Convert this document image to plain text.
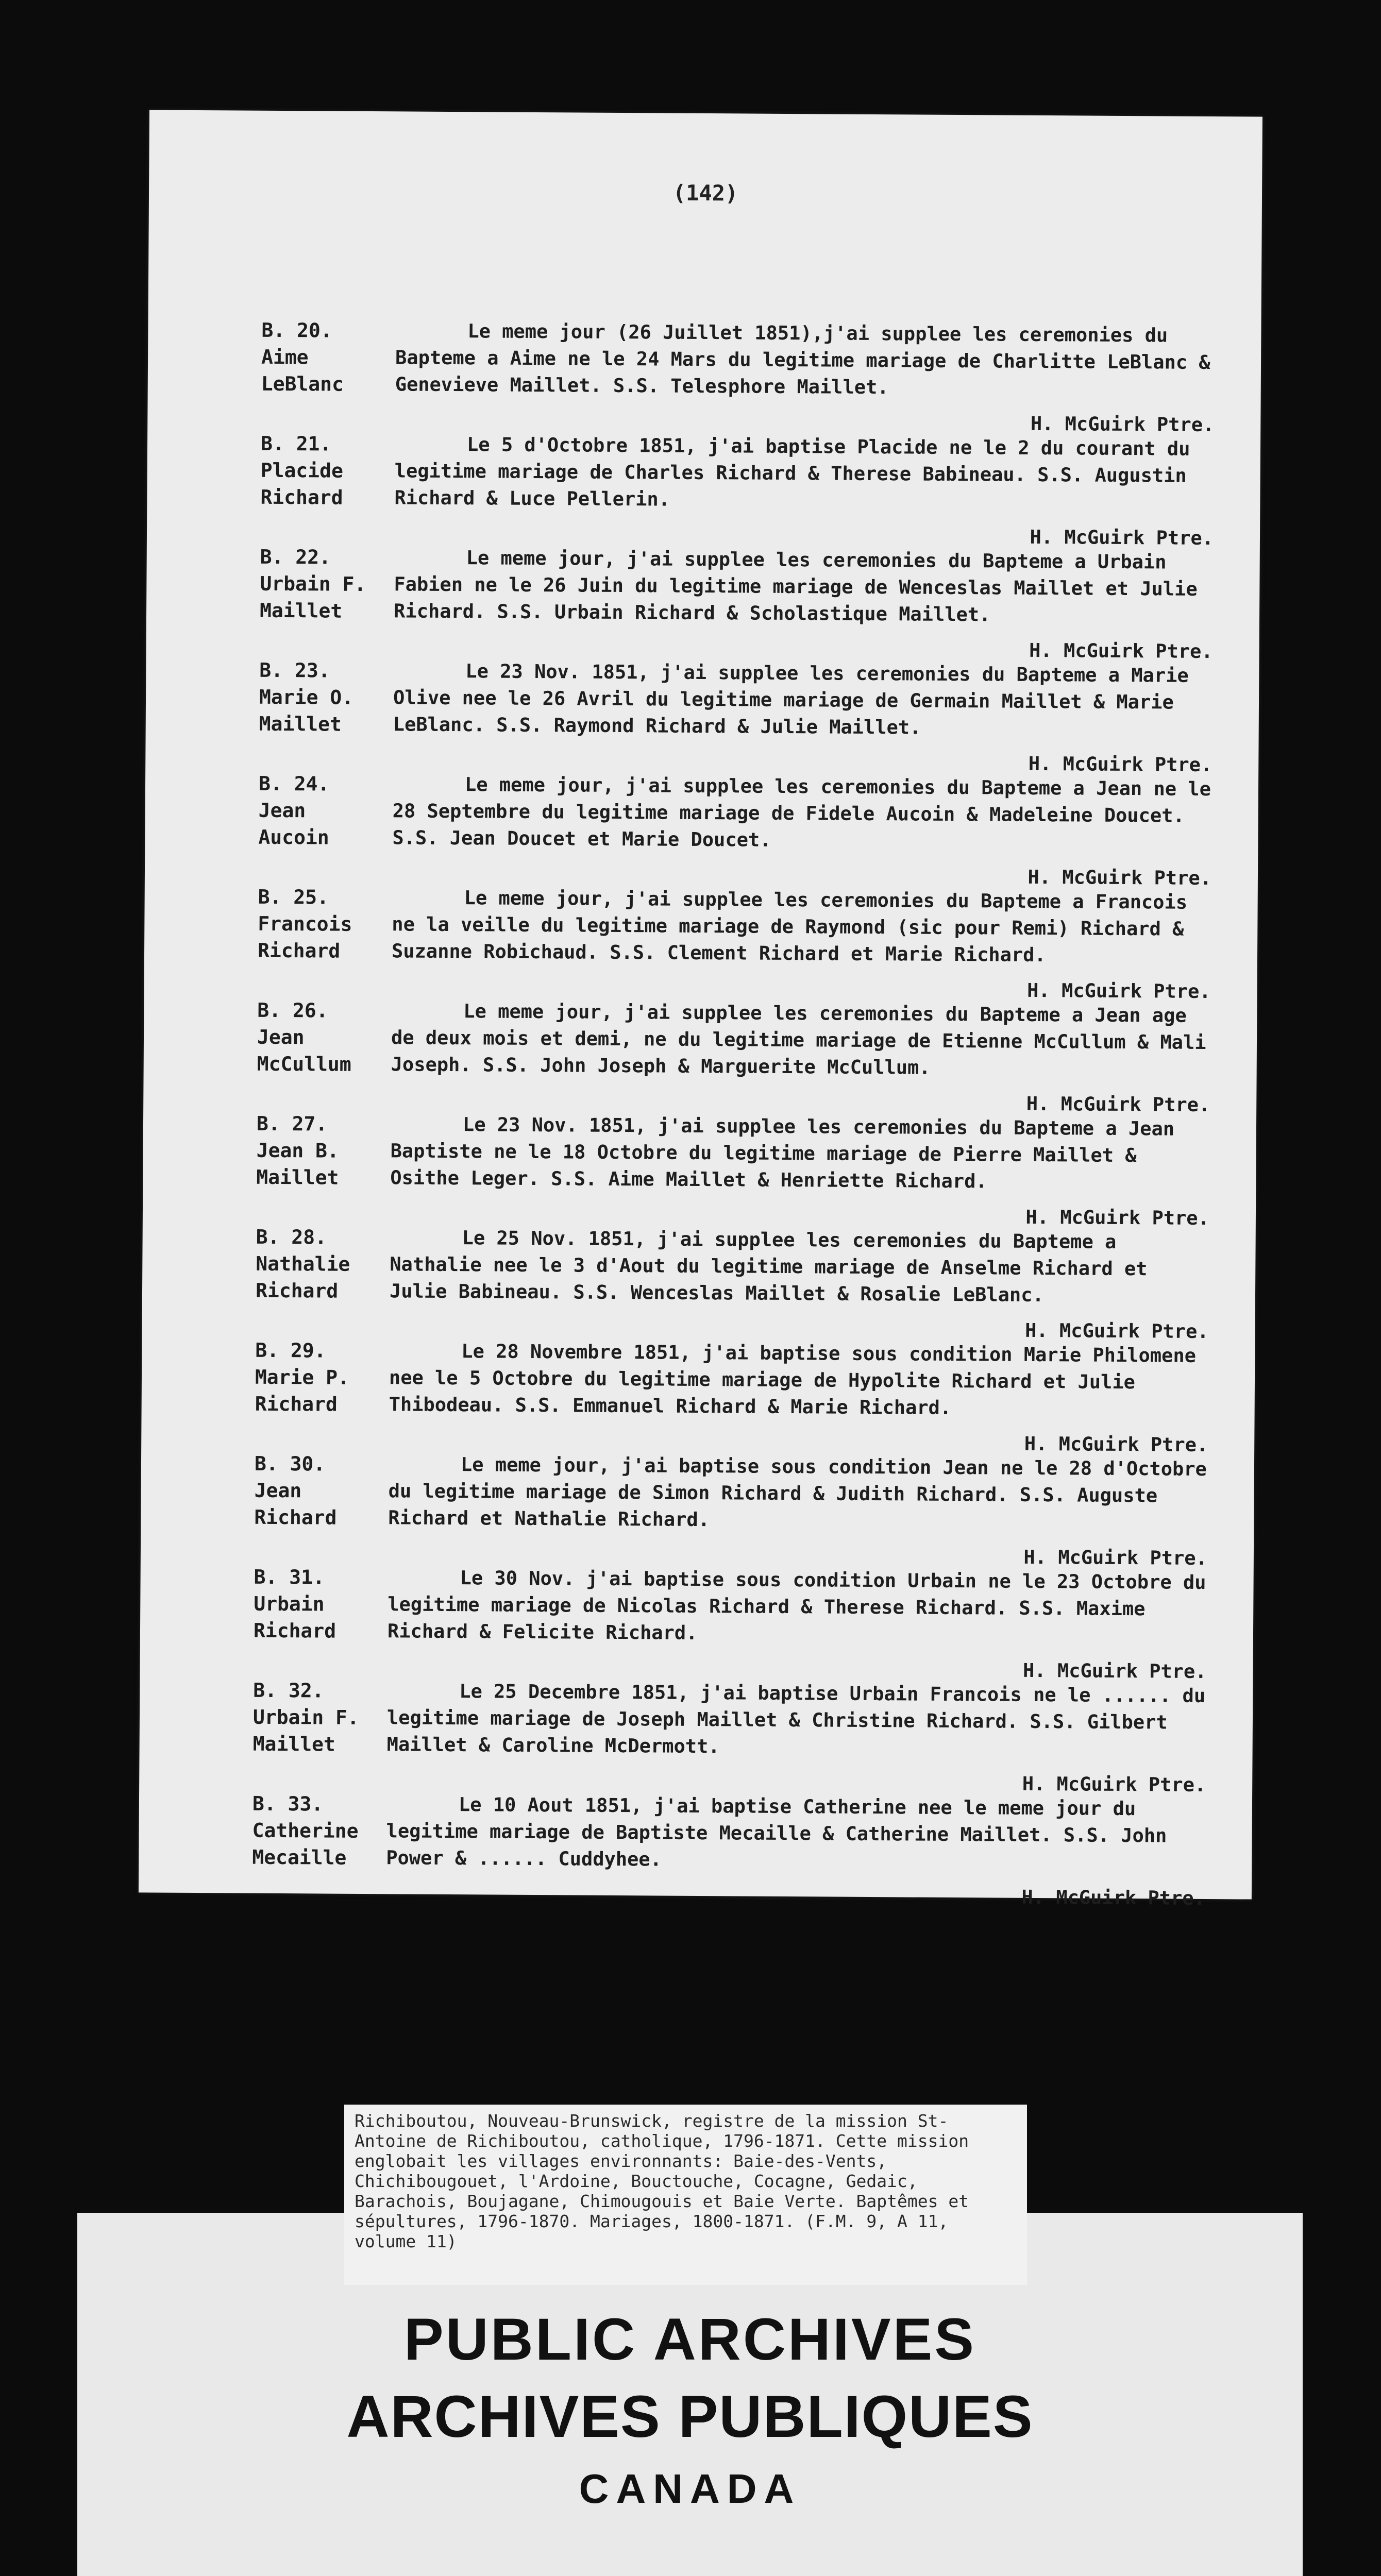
(142)
B. 20.
Aime
LeBlanc
Le meme jour (26 Juillet 1851),j'ai supplee les ceremonies du Bapteme a Aime ne le 24 Mars du legitime mariage de Charlitte LeBlanc & Genevieve Maillet. S.S. Telesphore Maillet.
H. McGuirk Ptre.
B. 21.
Placide
Richard
Le 5 d'Octobre 1851, j'ai baptise Placide ne le 2 du courant du legitime mariage de Charles Richard & Therese Babineau. S.S. Augustin Richard & Luce Pellerin.
H. McGuirk Ptre.
B. 22.
Urbain F.
Maillet
Le meme jour, j'ai supplee les ceremonies du Bapteme a Urbain Fabien ne le 26 Juin du legitime mariage de Wenceslas Maillet et Julie Richard. S.S. Urbain Richard & Scholastique Maillet.
H. McGuirk Ptre.
B. 23.
Marie O.
Maillet
Le 23 Nov. 1851, j'ai supplee les ceremonies du Bapteme a Marie Olive nee le 26 Avril du legitime mariage de Germain Maillet & Marie LeBlanc. S.S. Raymond Richard & Julie Maillet.
H. McGuirk Ptre.
B. 24.
Jean
Aucoin
Le meme jour, j'ai supplee les ceremonies du Bapteme a Jean ne le 28 Septembre du legitime mariage de Fidele Aucoin & Madeleine Doucet. S.S. Jean Doucet et Marie Doucet.
H. McGuirk Ptre.
B. 25.
Francois
Richard
Le meme jour, j'ai supplee les ceremonies du Bapteme a Francois ne la veille du legitime mariage de Raymond (sic pour Remi) Richard & Suzanne Robichaud. S.S. Clement Richard et Marie Richard.
H. McGuirk Ptre.
B. 26.
Jean
McCullum
Le meme jour, j'ai supplee les ceremonies du Bapteme a Jean age de deux mois et demi, ne du legitime mariage de Etienne McCullum & Mali Joseph. S.S. John Joseph & Marguerite McCullum.
H. McGuirk Ptre.
B. 27.
Jean B.
Maillet
Le 23 Nov. 1851, j'ai supplee les ceremonies du Bapteme a Jean Baptiste ne le 18 Octobre du legitime mariage de Pierre Maillet & Osithe Leger. S.S. Aime Maillet & Henriette Richard.
H. McGuirk Ptre.
B. 28.
Nathalie
Richard
Le 25 Nov. 1851, j'ai supplee les ceremonies du Bapteme a Nathalie nee le 3 d'Aout du legitime mariage de Anselme Richard et Julie Babineau. S.S. Wenceslas Maillet & Rosalie LeBlanc.
H. McGuirk Ptre.
B. 29.
Marie P.
Richard
Le 28 Novembre 1851, j'ai baptise sous condition Marie Philomene nee le 5 Octobre du legitime mariage de Hypolite Richard et Julie Thibodeau. S.S. Emmanuel Richard & Marie Richard.
H. McGuirk Ptre.
B. 30.
Jean
Richard
Le meme jour, j'ai baptise sous condition Jean ne le 28 d'Octobre du legitime mariage de Simon Richard & Judith Richard. S.S. Auguste Richard et Nathalie Richard.
H. McGuirk Ptre.
B. 31.
Urbain
Richard
Le 30 Nov. j'ai baptise sous condition Urbain ne le 23 Octobre du legitime mariage de Nicolas Richard & Therese Richard. S.S. Maxime Richard & Felicite Richard.
H. McGuirk Ptre.
B. 32.
Urbain F.
Maillet
Le 25 Decembre 1851, j'ai baptise Urbain Francois ne le ...... du legitime mariage de Joseph Maillet & Christine Richard. S.S. Gilbert Maillet & Caroline McDermott.
H. McGuirk Ptre.
B. 33.
Catherine
Mecaille
Le 10 Aout 1851, j'ai baptise Catherine nee le meme jour du legitime mariage de Baptiste Mecaille & Catherine Maillet. S.S. John Power & ...... Cuddyhee.
H. McGuirk Ptre.

Richiboutou, Nouveau-Brunswick, registre de la mission St-Antoine de Richiboutou, catholique, 1796-1871. Cette mission englobait les villages environnants: Baie-des-Vents, Chichibougouet, l'Ardoine, Bouctouche, Cocagne, Gedaic, Barachois, Boujagane, Chimougouis et Baie Verte. Baptêmes et sépultures, 1796-1870. Mariages, 1800-1871. (F.M. 9, A 11, volume 11)

PUBLIC ARCHIVES
ARCHIVES PUBLIQUES
CANADA
